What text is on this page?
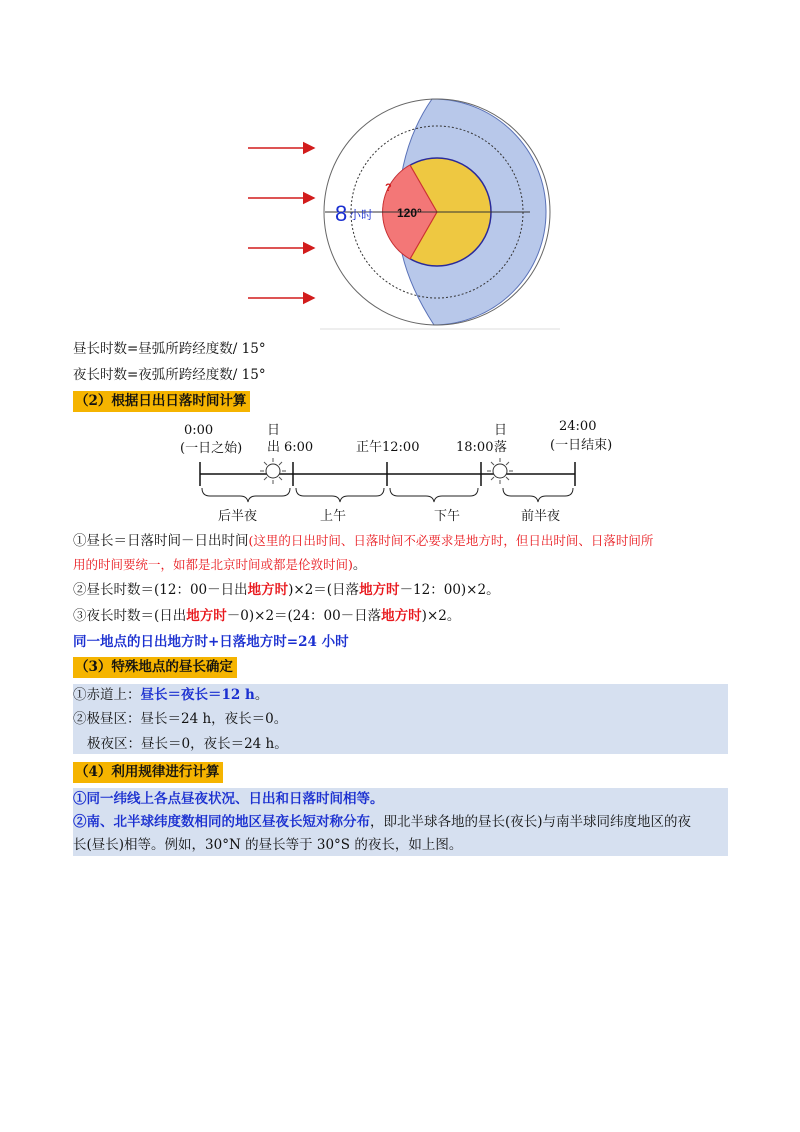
8 小时 120°
?
昼长时数=昼弧所跨经度数/ 15°
夜长时数=夜弧所跨经度数/ 15°
（2）根据日出日落时间计算
0:00
(一日之始)
日
出 6:00	正午12:00	18:00
日
落
24:00
(一日结束)
后半夜	上午	下午	前半夜
①昼长＝日落时间－日出时间(这里的日出时间、日落时间不必要求是地方时，但日出时间、日落时间所
用的时间要统一，如都是北京时间或都是伦敦时间)。
②昼长时数＝(12：00－日出地方时)×2＝(日落地方时－12：00)×2。
③夜长时数＝(日出地方时－0)×2＝(24：00－日落地方时)×2。
同一地点的日出地方时+日落地方时=24 小时
（3）特殊地点的昼长确定
①赤道上：昼长＝夜长＝12 h。
②极昼区：昼长＝24 h，夜长＝0。
极夜区：昼长＝0，夜长＝24 h。
（4）利用规律进行计算
①同一纬线上各点昼夜状况、日出和日落时间相等。
②南、北半球纬度数相同的地区昼夜长短对称分布，即北半球各地的昼长(夜长)与南半球同纬度地区的夜
长(昼长)相等。例如，30°N 的昼长等于 30°S 的夜长，如上图。
